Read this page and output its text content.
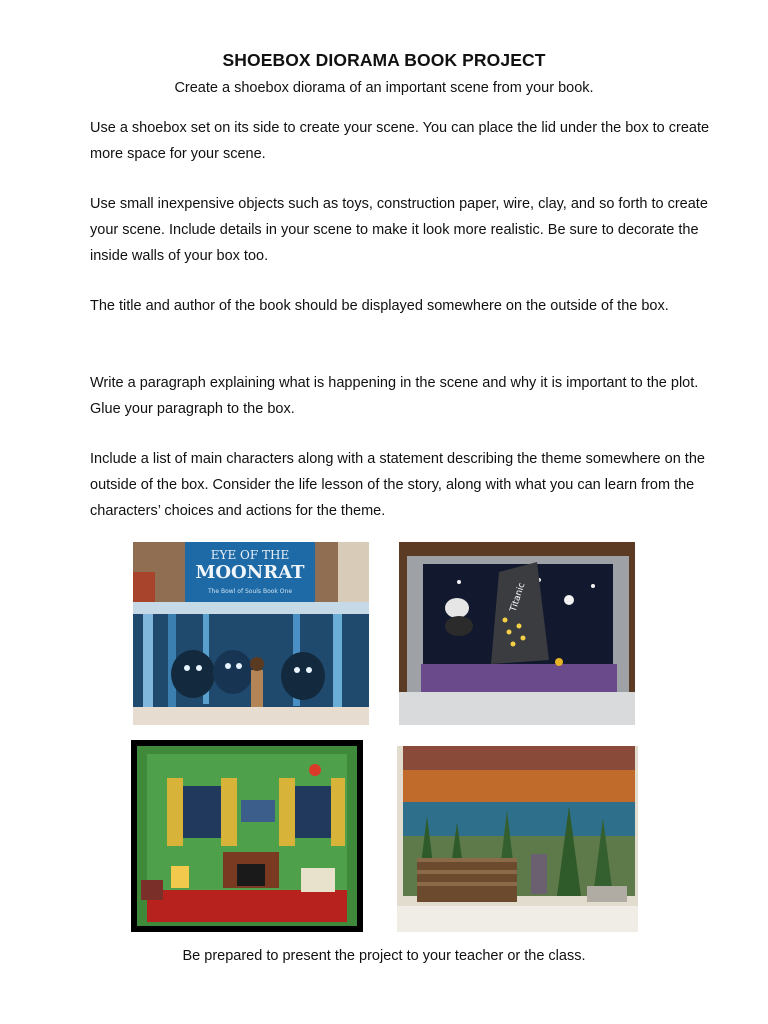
SHOEBOX DIORAMA BOOK PROJECT
Create a shoebox diorama of an important scene from your book.
Use a shoebox set on its side to create your scene. You can place the lid under the box to create more space for your scene.
Use small inexpensive objects such as toys, construction paper, wire, clay, and so forth to create your scene. Include details in your scene to make it look more realistic. Be sure to decorate the inside walls of your box too.
The title and author of the book should be displayed somewhere on the outside of the box.
Write a paragraph explaining what is happening in the scene and why it is important to the plot. Glue your paragraph to the box.
Include a list of main characters along with a statement describing the theme somewhere on the outside of the box. Consider the life lesson of the story, along with what you can learn from the characters’ choices and actions for the theme.
EYE OF THE
MOONRAT
The Bowl of Souls Book One	Titanic
Be prepared to present the project to your teacher or the class.
